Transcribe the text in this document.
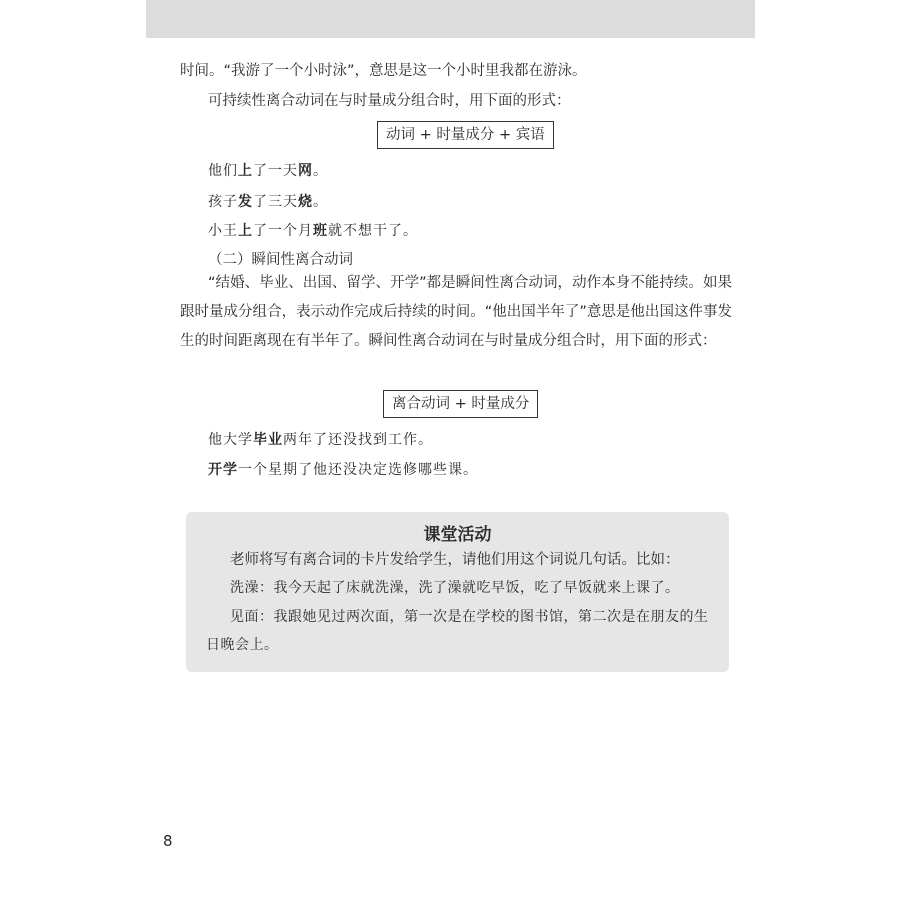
时间。“我游了一个小时泳”，意思是这一个小时里我都在游泳。
可持续性离合动词在与时量成分组合时，用下面的形式：
动词 + 时量成分 + 宾语
他们上了一天网。
孩子发了三天烧。
小王上了一个月班就不想干了。
（二）瞬间性离合动词
“结婚、毕业、出国、留学、开学”都是瞬间性离合动词，动作本身不能持续。如果跟时量成分组合，表示动作完成后持续的时间。“他出国半年了”意思是他出国这件事发生的时间距离现在有半年了。瞬间性离合动词在与时量成分组合时，用下面的形式：
离合动词 + 时量成分
他大学毕业两年了还没找到工作。
开学一个星期了他还没决定选修哪些课。
课堂活动
老师将写有离合词的卡片发给学生，请他们用这个词说几句话。比如：
洗澡：我今天起了床就洗澡，洗了澡就吃早饭，吃了早饭就来上课了。
见面：我跟她见过两次面，第一次是在学校的图书馆，第二次是在朋友的生日晚会上。
8
